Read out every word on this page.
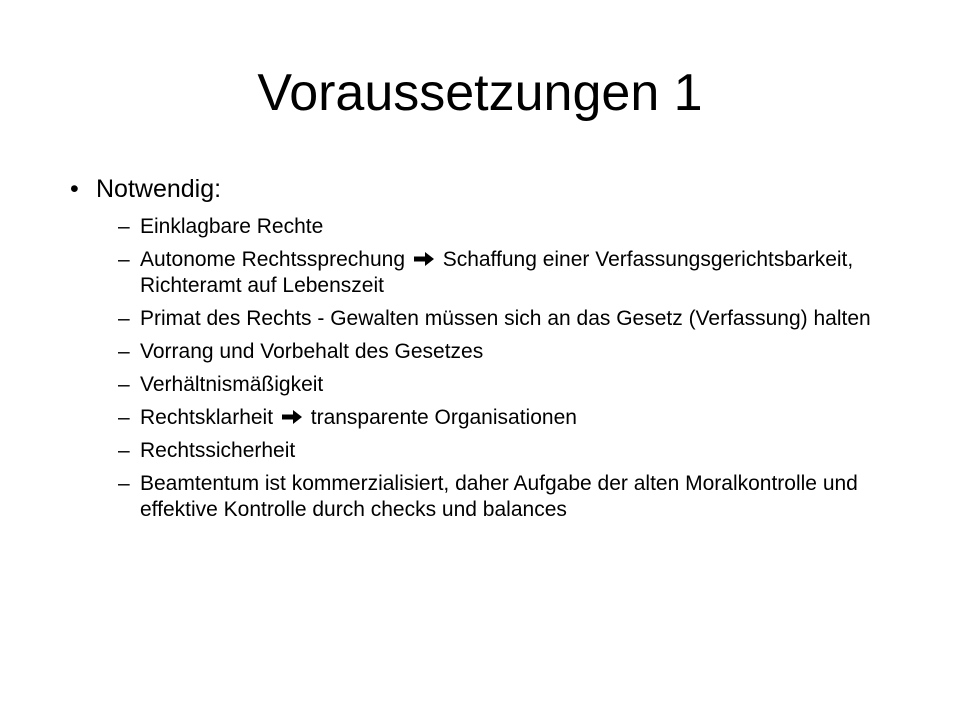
Voraussetzungen 1

• Notwendig:

– Einklagbare Rechte
– Autonome Rechtssprechung Schaffung einer Verfassungsgerichtsbarkeit, Richteramt auf Lebenszeit
– Primat des Rechts - Gewalten müssen sich an das Gesetz (Verfassung) halten
– Vorrang und Vorbehalt des Gesetzes
– Verhältnismäßigkeit
– Rechtsklarheit transparente Organisationen
– Rechtssicherheit
– Beamtentum ist kommerzialisiert, daher Aufgabe der alten Moralkontrolle und effektive Kontrolle durch checks und balances
